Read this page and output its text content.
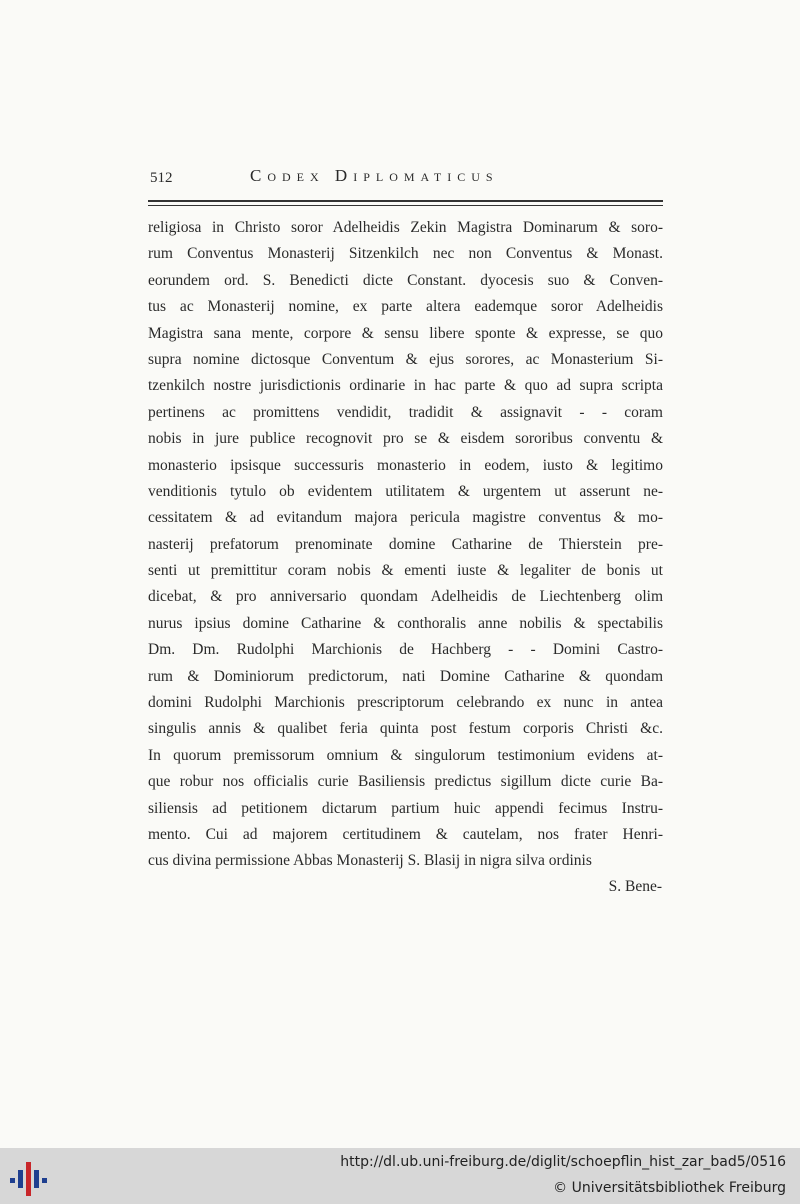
512	Codex Diplomaticus
religiosa in Christo soror Adelheidis Zekin Magistra Dominarum & soro-
rum Conventus Monasterij Sitzenkilch nec non Conventus & Monast.
eorundem ord. S. Benedicti dicte Constant. dyocesis suo & Conven-
tus ac Monasterij nomine, ex parte altera eademque soror Adelheidis
Magistra sana mente, corpore & sensu libere sponte & expresse, se quo
supra nomine dictosque Conventum & ejus sorores, ac Monasterium Si-
tzenkilch nostre jurisdictionis ordinarie in hac parte & quo ad supra scripta
pertinens ac promittens vendidit, tradidit & assignavit - - coram
nobis in jure publice recognovit pro se & eisdem sororibus conventu &
monasterio ipsisque successuris monasterio in eodem, iusto & legitimo
venditionis tytulo ob evidentem utilitatem & urgentem ut asserunt ne-
cessitatem & ad evitandum majora pericula magistre conventus & mo-
nasterij prefatorum prenominate domine Catharine de Thierstein pre-
senti ut premittitur coram nobis & ementi iuste & legaliter de bonis ut
dicebat, & pro anniversario quondam Adelheidis de Liechtenberg olim
nurus ipsius domine Catharine & conthoralis anne nobilis & spectabilis
Dm. Dm. Rudolphi Marchionis de Hachberg - - Domini Castro-
rum & Dominiorum predictorum, nati Domine Catharine & quondam
domini Rudolphi Marchionis prescriptorum celebrando ex nunc in antea
singulis annis & qualibet feria quinta post festum corporis Christi &c.
In quorum premissorum omnium & singulorum testimonium evidens at-
que robur nos officialis curie Basiliensis predictus sigillum dicte curie Ba-
siliensis ad petitionem dictarum partium huic appendi fecimus Instru-
mento. Cui ad majorem certitudinem & cautelam, nos frater Henri-
cus divina permissione Abbas Monasterij S. Blasij in nigra silva ordinis
S. Bene-
http://dl.ub.uni-freiburg.de/diglit/schoepflin_hist_zar_bad5/0516
© Universitätsbibliothek Freiburg
